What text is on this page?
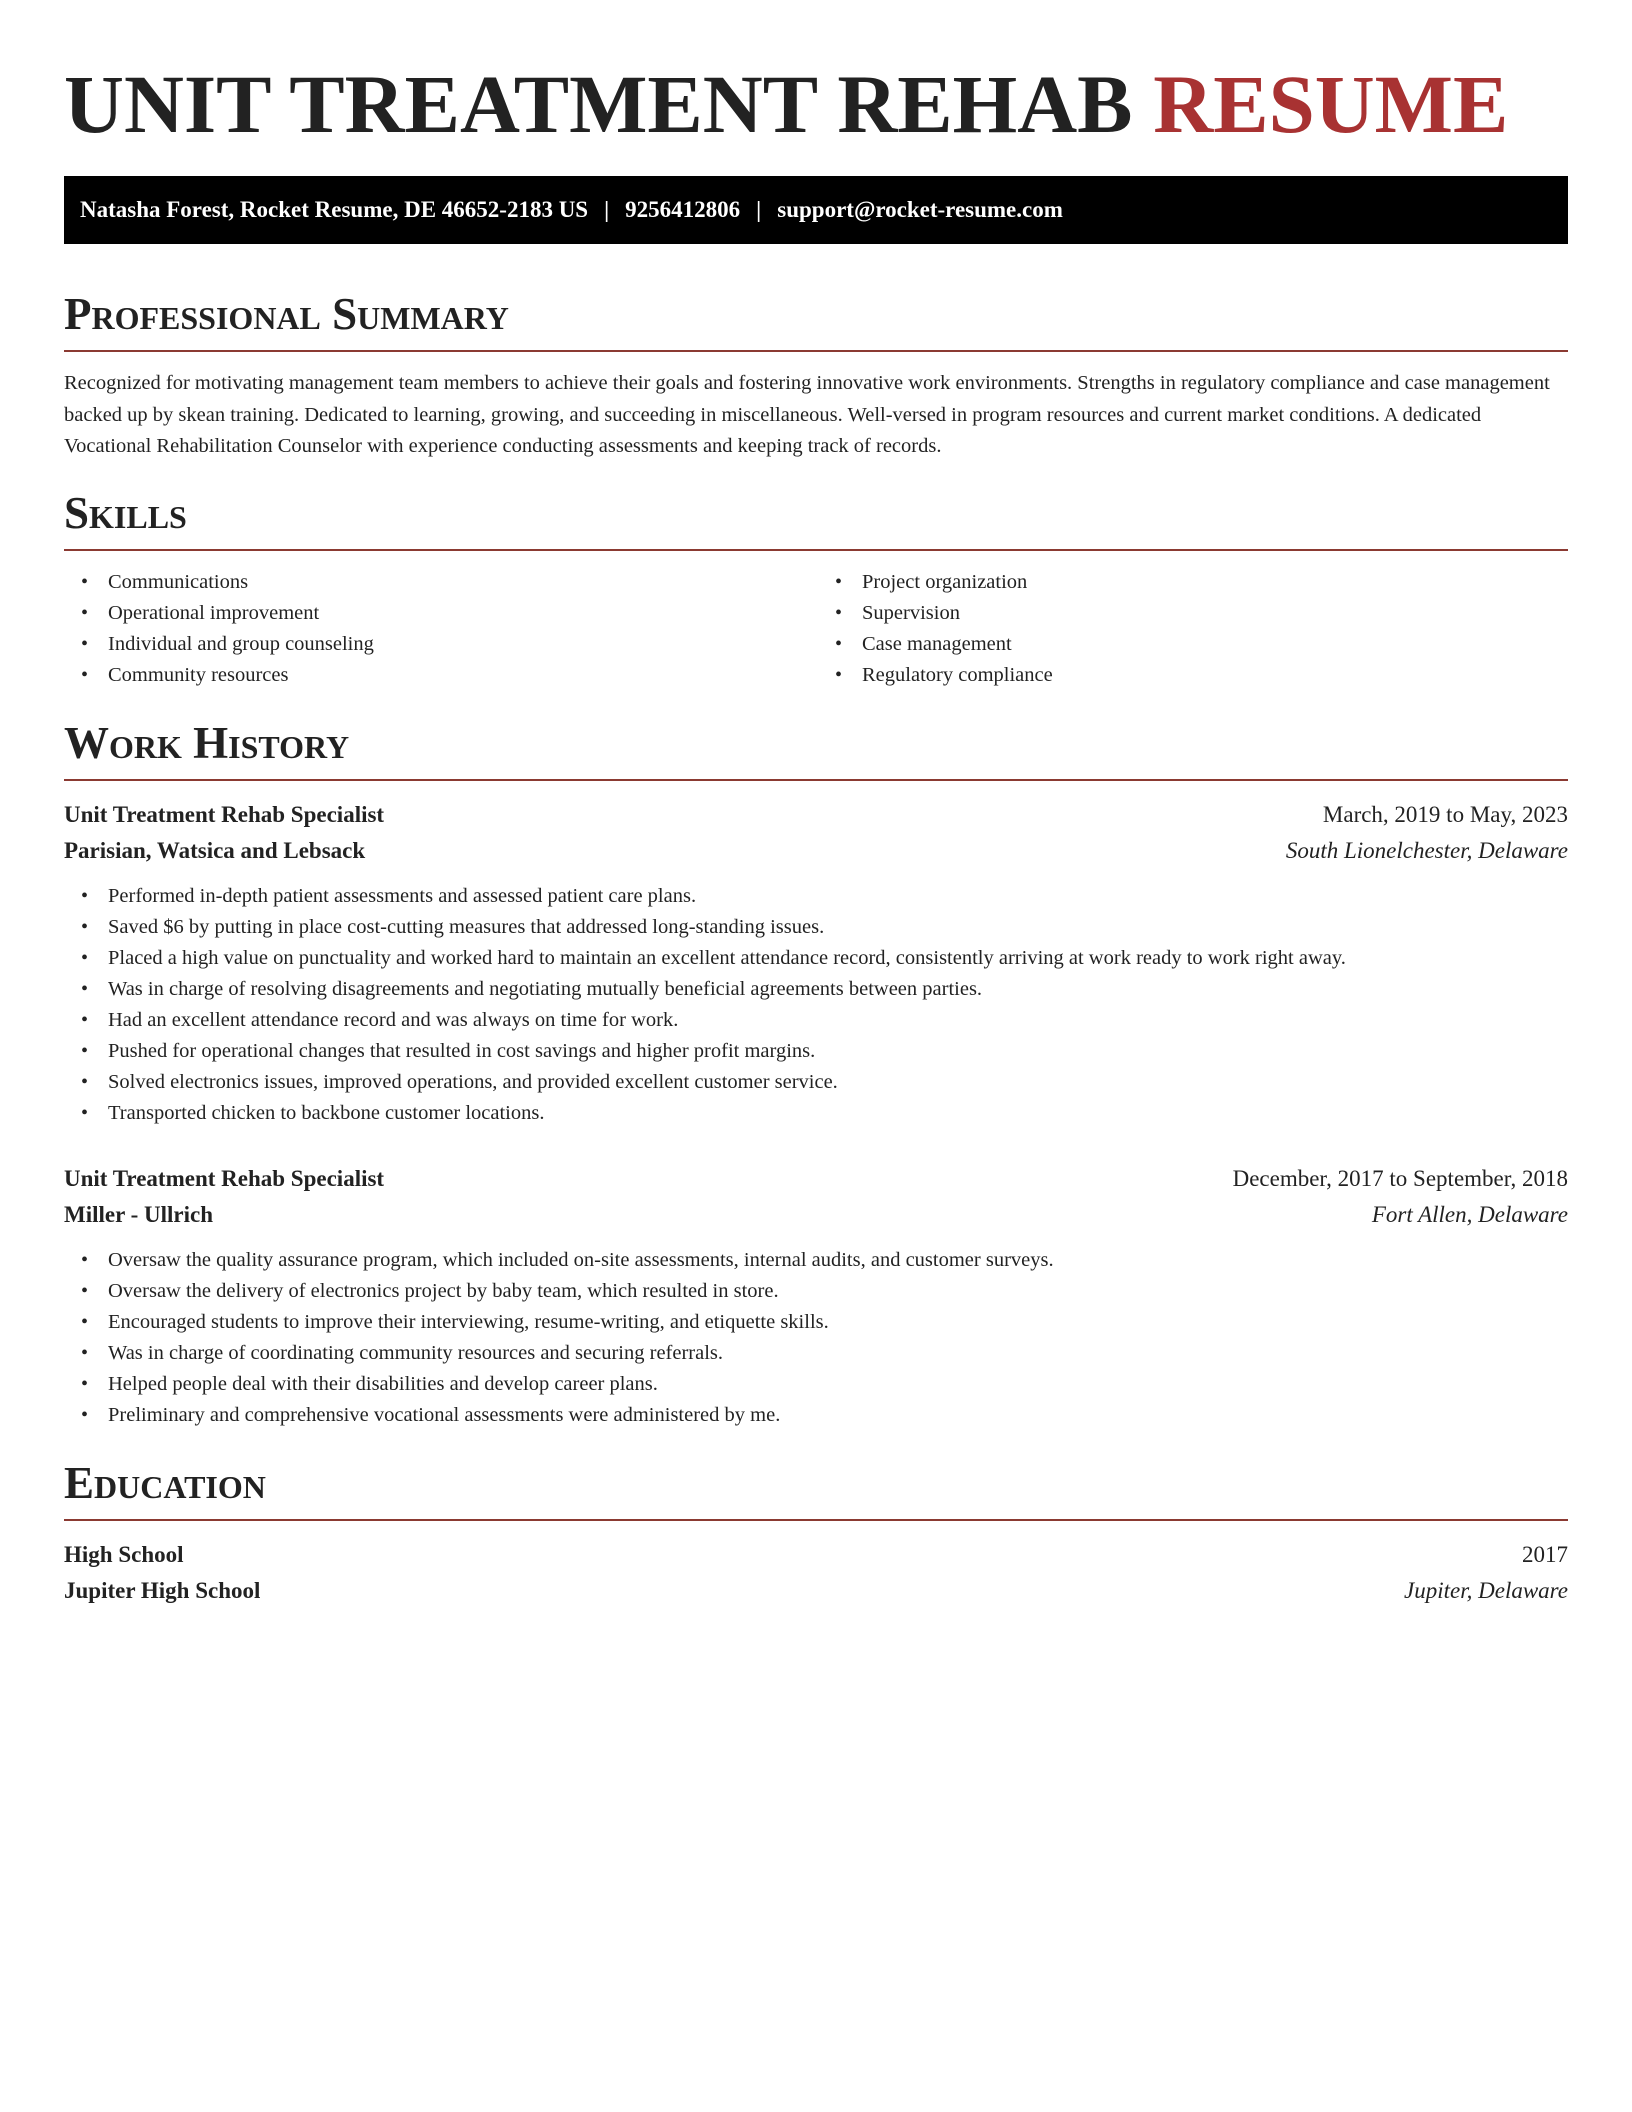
UNIT TREATMENT REHAB RESUME
Natasha Forest, Rocket Resume, DE 46652-2183 US | 9256412806 | support@rocket-resume.com
Professional Summary

Recognized for motivating management team members to achieve their goals and fostering innovative work environments. Strengths in regulatory compliance and case management backed up by skean training. Dedicated to learning, growing, and succeeding in miscellaneous. Well-versed in program resources and current market conditions. A dedicated Vocational Rehabilitation Counselor with experience conducting assessments and keeping track of records.

Skills
• Communications
• Operational improvement
• Individual and group counseling
• Community resources
• Project organization
• Supervision
• Case management
• Regulatory compliance
Work History
Unit Treatment Rehab Specialist	March, 2019 to May, 2023
Parisian, Watsica and Lebsack	South Lionelchester, Delaware
• Performed in-depth patient assessments and assessed patient care plans.
• Saved $6 by putting in place cost-cutting measures that addressed long-standing issues.
• Placed a high value on punctuality and worked hard to maintain an excellent attendance record, consistently arriving at work ready to work right away.
• Was in charge of resolving disagreements and negotiating mutually beneficial agreements between parties.
• Had an excellent attendance record and was always on time for work.
• Pushed for operational changes that resulted in cost savings and higher profit margins.
• Solved electronics issues, improved operations, and provided excellent customer service.
• Transported chicken to backbone customer locations.
Unit Treatment Rehab Specialist	December, 2017 to September, 2018
Miller - Ullrich	Fort Allen, Delaware
• Oversaw the quality assurance program, which included on-site assessments, internal audits, and customer surveys.
• Oversaw the delivery of electronics project by baby team, which resulted in store.
• Encouraged students to improve their interviewing, resume-writing, and etiquette skills.
• Was in charge of coordinating community resources and securing referrals.
• Helped people deal with their disabilities and develop career plans.
• Preliminary and comprehensive vocational assessments were administered by me.
Education
High School	2017
Jupiter High School	Jupiter, Delaware
